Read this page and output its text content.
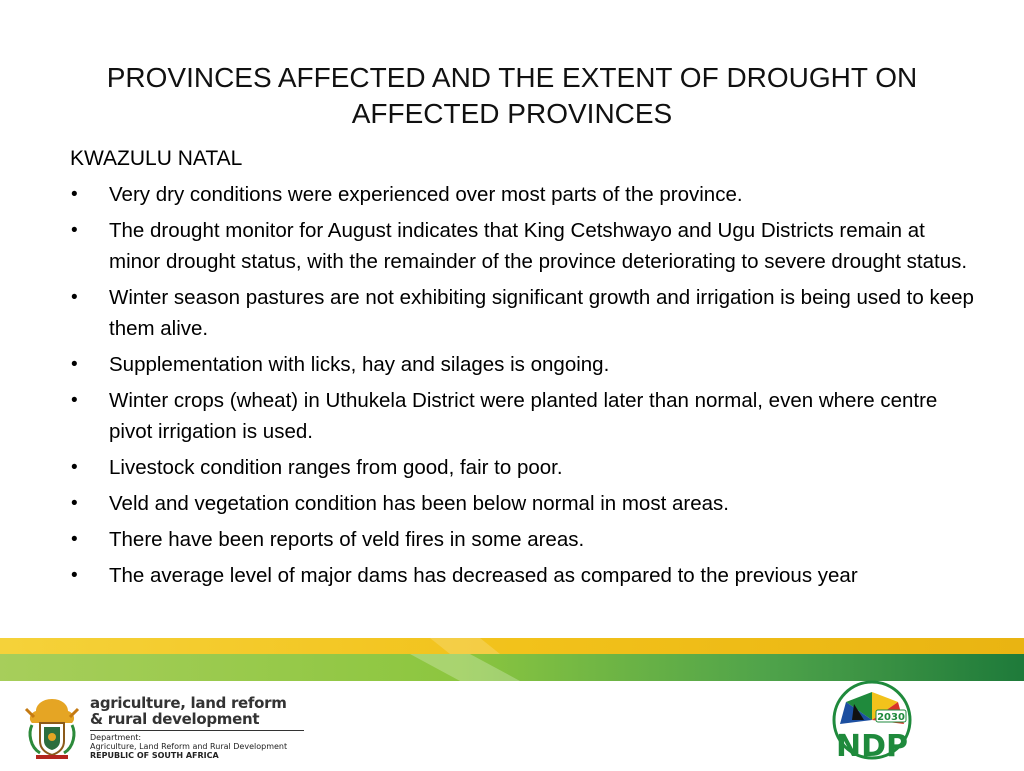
PROVINCES AFFECTED AND THE EXTENT OF DROUGHT ON
AFFECTED PROVINCES
KWAZULU NATAL
• Very dry conditions were experienced over most parts of the province.
• The drought monitor for August indicates that King Cetshwayo and Ugu Districts remain at minor drought status, with the remainder of the province deteriorating to severe drought status.
• Winter season pastures are not exhibiting significant growth and irrigation is being used to keep them alive.
• Supplementation with licks, hay and silages is ongoing.
• Winter crops (wheat) in Uthukela District were planted later than normal, even where centre pivot irrigation is used.
• Livestock condition ranges from good, fair to poor.
• Veld and vegetation condition has been below normal in most areas.
• There have been reports of veld fires in some areas.
• The average level of major dams has decreased as compared to the previous year
agriculture, land reform
& rural development
Department:
Agriculture, Land Reform and Rural Development
REPUBLIC OF SOUTH AFRICA
2030
NDP
